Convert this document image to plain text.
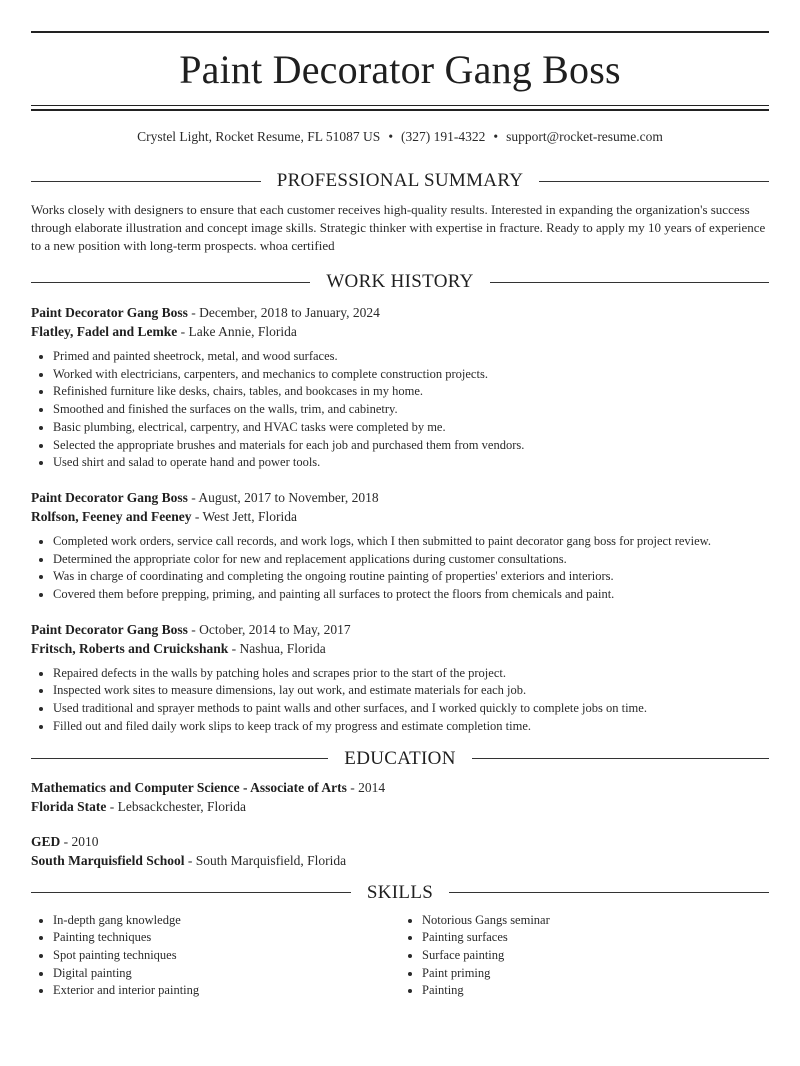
Paint Decorator Gang Boss
Crystel Light, Rocket Resume, FL 51087 US • (327) 191-4322 • support@rocket-resume.com
PROFESSIONAL SUMMARY
Works closely with designers to ensure that each customer receives high-quality results. Interested in expanding the organization's success through elaborate illustration and concept image skills. Strategic thinker with expertise in fracture. Ready to apply my 10 years of experience to a new position with long-term prospects. whoa certified
WORK HISTORY
Paint Decorator Gang Boss - December, 2018 to January, 2024
Flatley, Fadel and Lemke - Lake Annie, Florida
• Primed and painted sheetrock, metal, and wood surfaces.
• Worked with electricians, carpenters, and mechanics to complete construction projects.
• Refinished furniture like desks, chairs, tables, and bookcases in my home.
• Smoothed and finished the surfaces on the walls, trim, and cabinetry.
• Basic plumbing, electrical, carpentry, and HVAC tasks were completed by me.
• Selected the appropriate brushes and materials for each job and purchased them from vendors.
• Used shirt and salad to operate hand and power tools.
Paint Decorator Gang Boss - August, 2017 to November, 2018
Rolfson, Feeney and Feeney - West Jett, Florida
• Completed work orders, service call records, and work logs, which I then submitted to paint decorator gang boss for project review.
• Determined the appropriate color for new and replacement applications during customer consultations.
• Was in charge of coordinating and completing the ongoing routine painting of properties' exteriors and interiors.
• Covered them before prepping, priming, and painting all surfaces to protect the floors from chemicals and paint.
Paint Decorator Gang Boss - October, 2014 to May, 2017
Fritsch, Roberts and Cruickshank - Nashua, Florida
• Repaired defects in the walls by patching holes and scrapes prior to the start of the project.
• Inspected work sites to measure dimensions, lay out work, and estimate materials for each job.
• Used traditional and sprayer methods to paint walls and other surfaces, and I worked quickly to complete jobs on time.
• Filled out and filed daily work slips to keep track of my progress and estimate completion time.
EDUCATION
Mathematics and Computer Science - Associate of Arts - 2014
Florida State - Lebsackchester, Florida
GED - 2010
South Marquisfield School - South Marquisfield, Florida
SKILLS
• In-depth gang knowledge
• Painting techniques
• Spot painting techniques
• Digital painting
• Exterior and interior painting
• Notorious Gangs seminar
• Painting surfaces
• Surface painting
• Paint priming
• Painting
